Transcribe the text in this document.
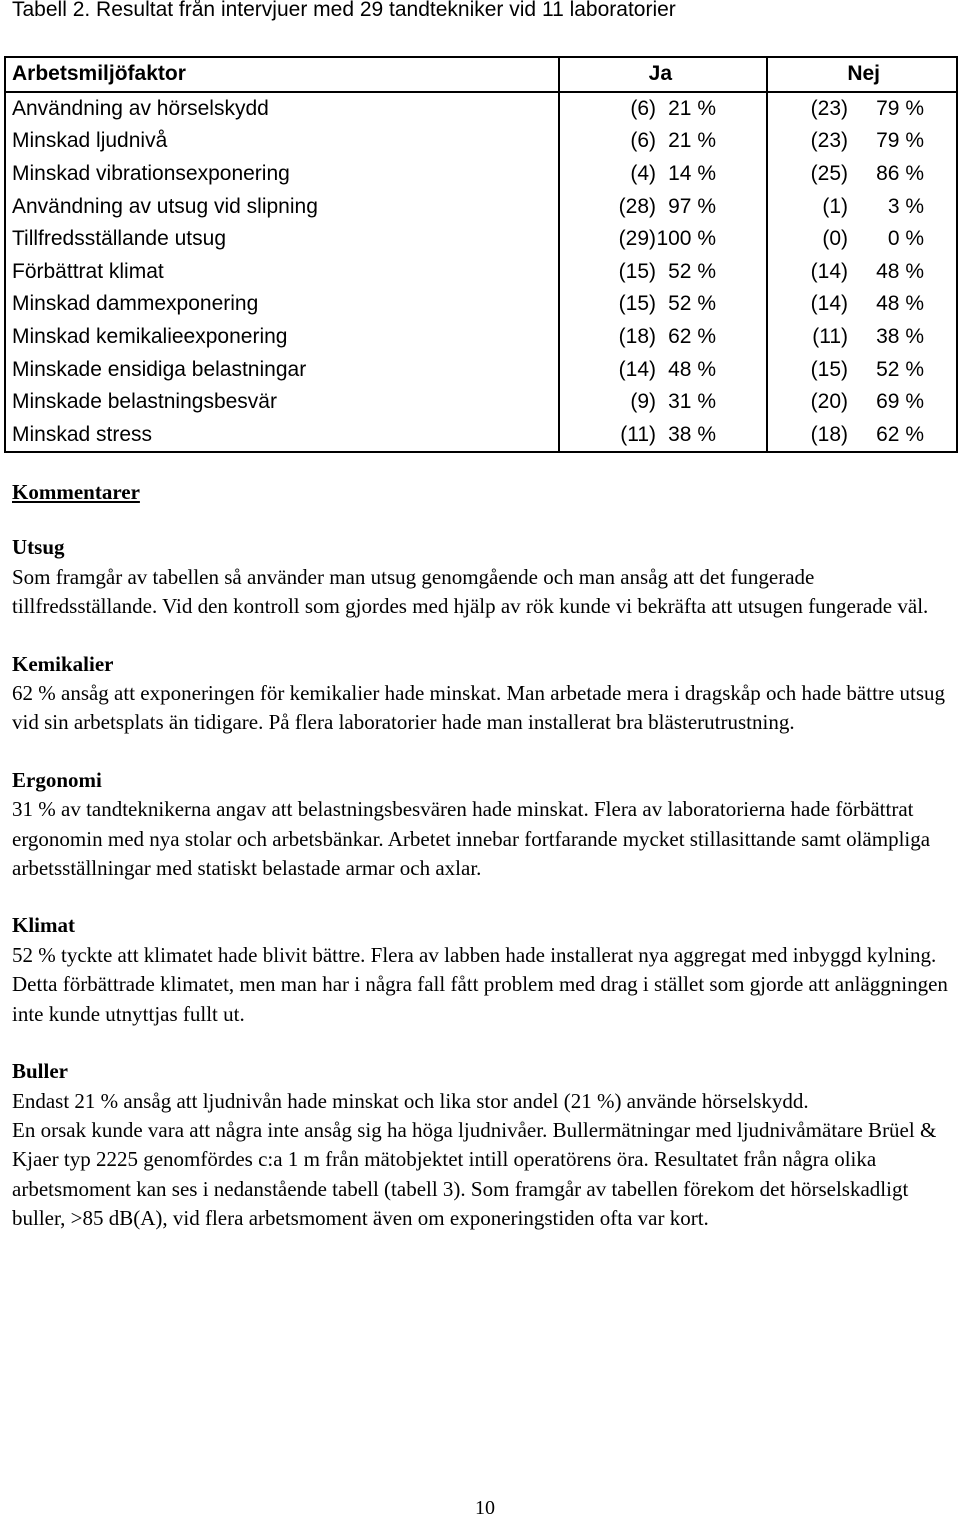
Tabell 2. Resultat från intervjuer med 29 tandtekniker vid 11 laboratorier
Arbetsmiljöfaktor	Ja	Nej
Användning av hörselskydd	(6) 21 %	(23) 79 %

Minskad ljudnivå	(6) 21 %	(23) 79 %

Minskad vibrationsexponering	(4) 14 %	(25) 86 %

Användning av utsug vid slipning	(28) 97 %	(1) 3 %

Tillfredsställande utsug	(29) 100 %	(0) 0 %

Förbättrat klimat	(15) 52 %	(14) 48 %

Minskad dammexponering	(15) 52 %	(14) 48 %

Minskad kemikalieexponering	(18) 62 %	(11) 38 %

Minskade ensidiga belastningar	(14) 48 %	(15) 52 %

Minskade belastningsbesvär	(9) 31 %	(20) 69 %

Minskad stress	(11) 38 %	(18) 62 %
Kommentarer
Utsug

Som framgår av tabellen så använder man utsug genomgående och man ansåg att det fungerade tillfredsställande. Vid den kontroll som gjordes med hjälp av rök kunde vi bekräfta att utsugen fungerade väl.

Kemikalier

62 % ansåg att exponeringen för kemikalier hade minskat. Man arbetade mera i dragskåp och hade bättre utsug vid sin arbetsplats än tidigare. På flera laboratorier hade man installerat bra blästerutrustning.

Ergonomi

31 % av tandteknikerna angav att belastningsbesvären hade minskat. Flera av laboratorierna hade förbättrat ergonomin med nya stolar och arbetsbänkar. Arbetet innebar fortfarande mycket stillasittande samt olämpliga arbetsställningar med statiskt belastade armar och axlar.

Klimat

52 % tyckte att klimatet hade blivit bättre. Flera av labben hade installerat nya aggregat med inbyggd kylning. Detta förbättrade klimatet, men man har i några fall fått problem med drag i stället som gjorde att anläggningen inte kunde utnyttjas fullt ut.

Buller

Endast 21 % ansåg att ljudnivån hade minskat och lika stor andel (21 %) använde hörselskydd.

En orsak kunde vara att några inte ansåg sig ha höga ljudnivåer. Bullermätningar med ljudnivåmätare Brüel & Kjaer typ 2225 genomfördes c:a 1 m från mätobjektet intill operatörens öra. Resultatet från några olika arbetsmoment kan ses i nedanstående tabell (tabell 3). Som framgår av tabellen förekom det hörselskadligt buller, >85 dB(A), vid flera arbetsmoment även om exponeringstiden ofta var kort.

10
